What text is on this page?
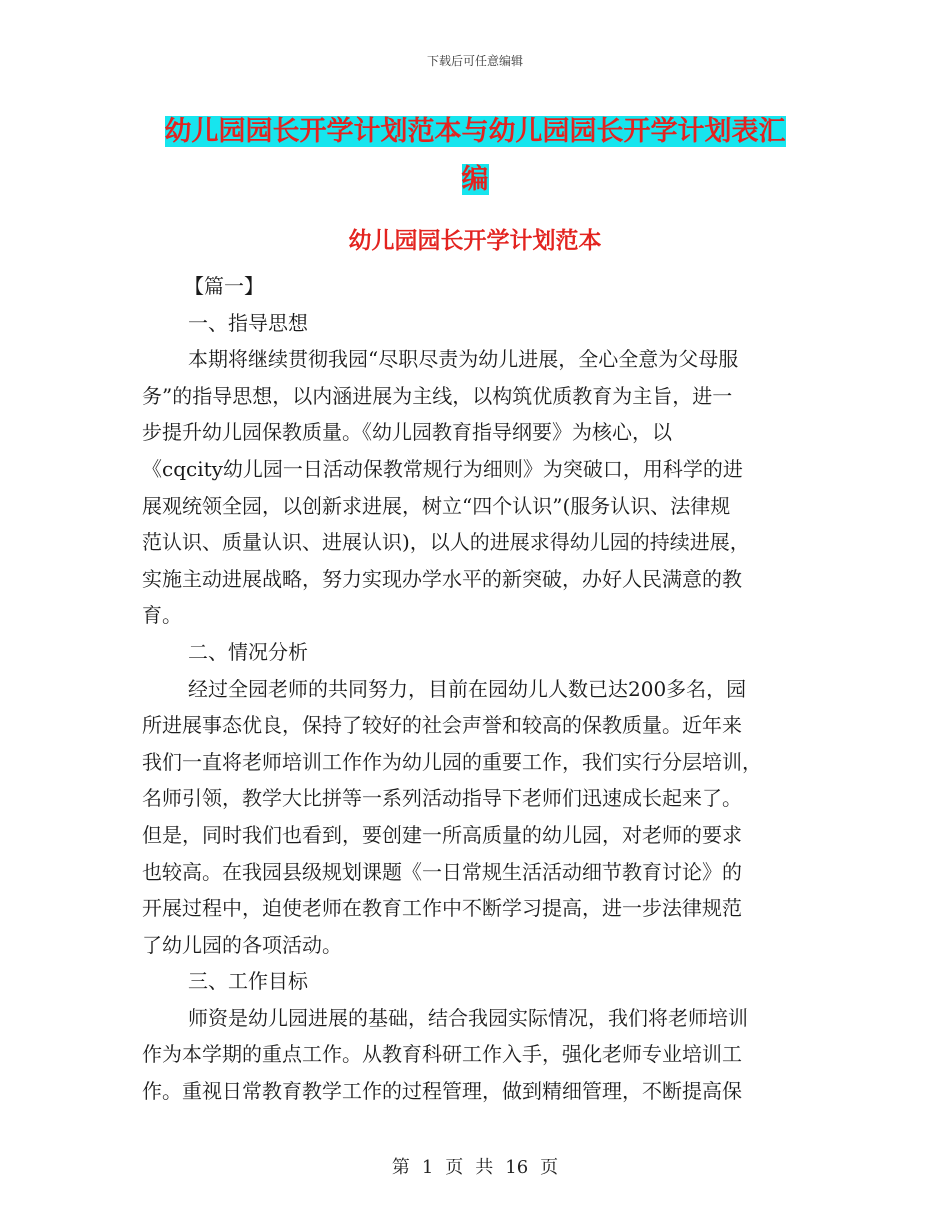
下载后可任意编辑
幼儿园园长开学计划范本与幼儿园园长开学计划表汇
编
幼儿园园长开学计划范本
【篇一】
一、指导思想
本期将继续贯彻我园“尽职尽责为幼儿进展，全心全意为父母服
务”的指导思想，以内涵进展为主线，以构筑优质教育为主旨，进一
步提升幼儿园保教质量。《幼儿园教育指导纲要》为核心，以
《cqcity幼儿园一日活动保教常规行为细则》为突破口，用科学的进
展观统领全园，以创新求进展，树立“四个认识”(服务认识、法律规
范认识、质量认识、进展认识)，以人的进展求得幼儿园的持续进展，
实施主动进展战略，努力实现办学水平的新突破，办好人民满意的教
育。
二、情况分析
经过全园老师的共同努力，目前在园幼儿人数已达200多名，园
所进展事态优良，保持了较好的社会声誉和较高的保教质量。近年来
我们一直将老师培训工作作为幼儿园的重要工作，我们实行分层培训，
名师引领，教学大比拼等一系列活动指导下老师们迅速成长起来了。
但是，同时我们也看到，要创建一所高质量的幼儿园，对老师的要求
也较高。在我园县级规划课题《一日常规生活活动细节教育讨论》的
开展过程中，迫使老师在教育工作中不断学习提高，进一步法律规范
了幼儿园的各项活动。
三、工作目标
师资是幼儿园进展的基础，结合我园实际情况，我们将老师培训
作为本学期的重点工作。从教育科研工作入手，强化老师专业培训工
作。重视日常教育教学工作的过程管理，做到精细管理，不断提高保
第 1 页 共 16 页
